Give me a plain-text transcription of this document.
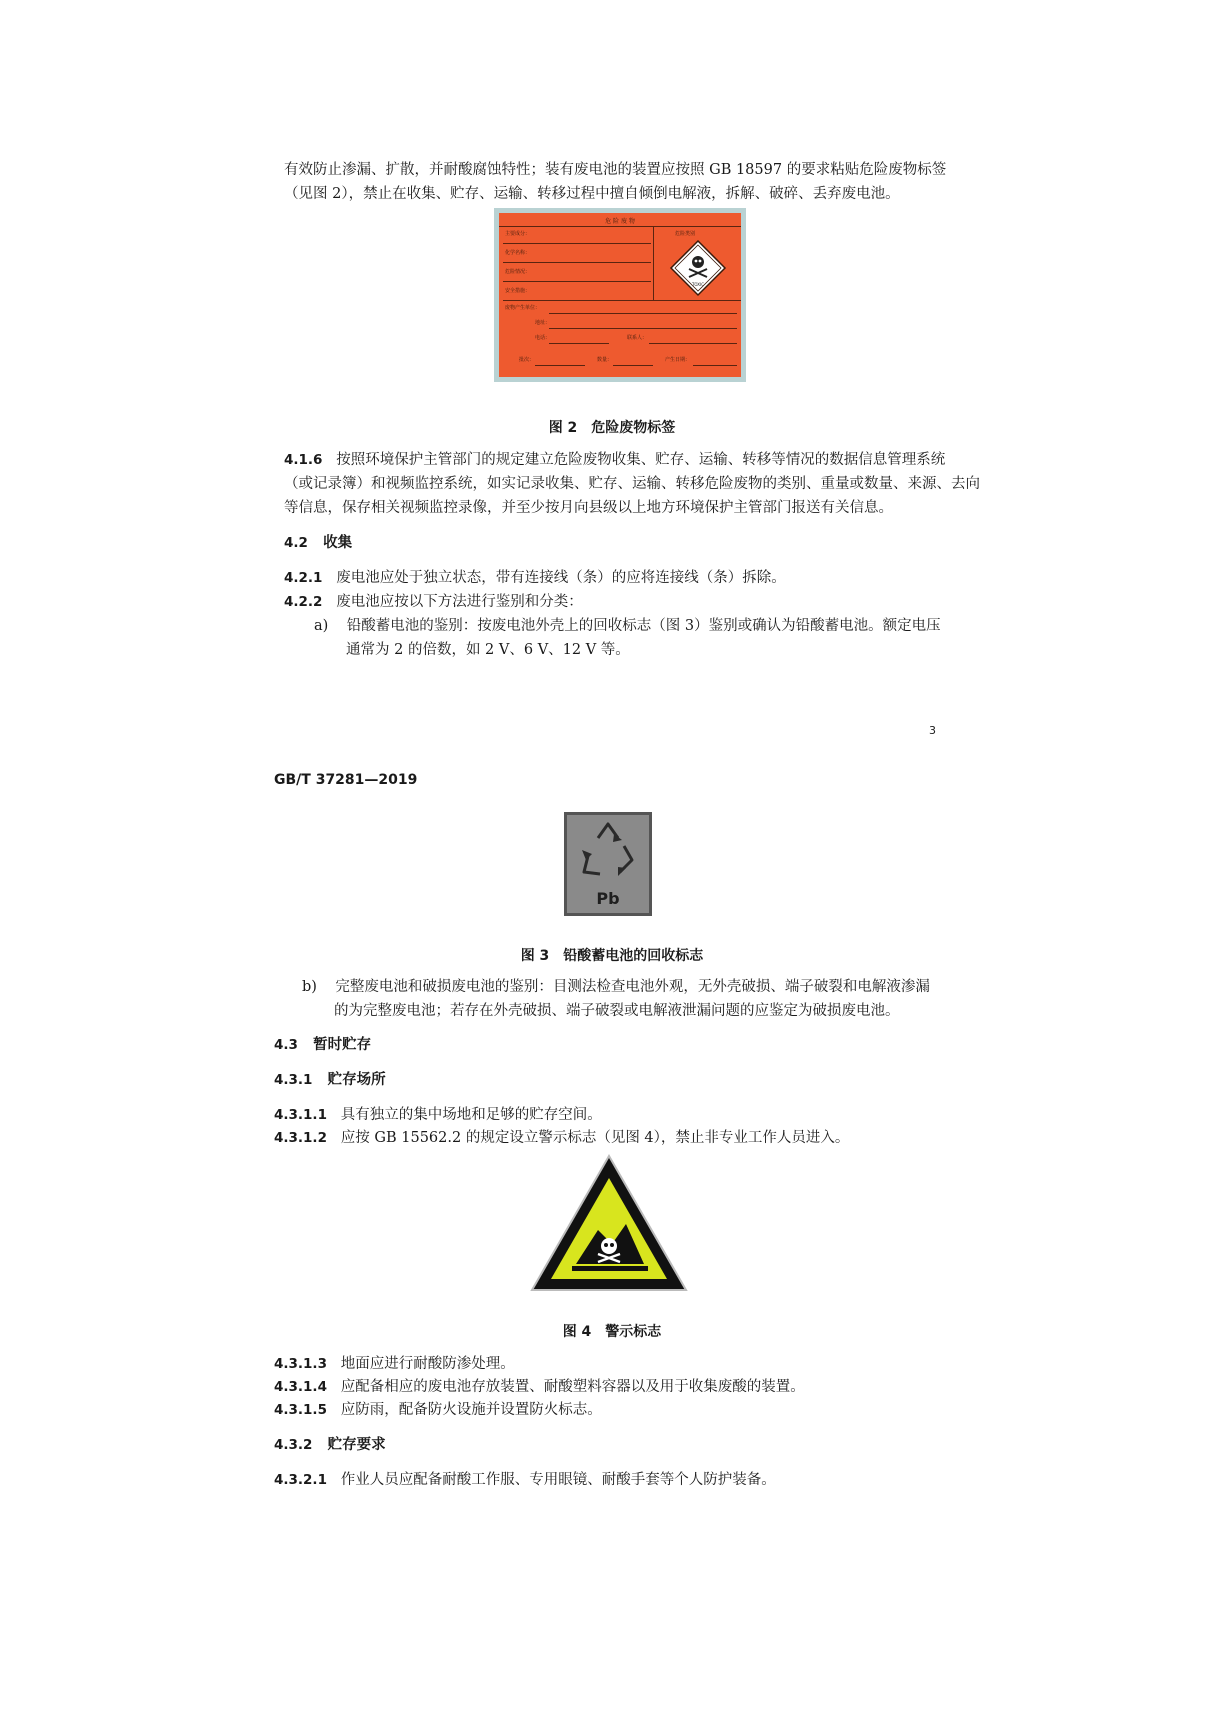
有效防止渗漏、扩散，并耐酸腐蚀特性；装有废电池的装置应按照 GB 18597 的要求粘贴危险废物标签
（见图 2），禁止在收集、贮存、运输、转移过程中擅自倾倒电解液，拆解、破碎、丢弃废电池。
危 险 废 物
主要成分：
化学名称：
危险情况：
安全措施：
危险类别
TOXIC
废物产生单位：
地址：
电话：	联系人：
批次：	数量：	产生日期：
图 2　危险废物标签
4.1.6 按照环境保护主管部门的规定建立危险废物收集、贮存、运输、转移等情况的数据信息管理系统
（或记录簿）和视频监控系统，如实记录收集、贮存、运输、转移危险废物的类别、重量或数量、来源、去向
等信息，保存相关视频监控录像，并至少按月向县级以上地方环境保护主管部门报送有关信息。
4.2 收集
4.2.1 废电池应处于独立状态，带有连接线（条）的应将连接线（条）拆除。
4.2.2 废电池应按以下方法进行鉴别和分类：
a) 铅酸蓄电池的鉴别：按废电池外壳上的回收标志（图 3）鉴别或确认为铅酸蓄电池。额定电压
通常为 2 的倍数，如 2 V、6 V、12 V 等。
3
GB/T 37281—2019
Pb
图 3　铅酸蓄电池的回收标志
b) 完整废电池和破损废电池的鉴别：目测法检查电池外观，无外壳破损、端子破裂和电解液渗漏
的为完整废电池；若存在外壳破损、端子破裂或电解液泄漏问题的应鉴定为破损废电池。
4.3 暂时贮存
4.3.1 贮存场所
4.3.1.1 具有独立的集中场地和足够的贮存空间。
4.3.1.2 应按 GB 15562.2 的规定设立警示标志（见图 4），禁止非专业工作人员进入。
图 4　警示标志
4.3.1.3 地面应进行耐酸防渗处理。
4.3.1.4 应配备相应的废电池存放装置、耐酸塑料容器以及用于收集废酸的装置。
4.3.1.5 应防雨，配备防火设施并设置防火标志。
4.3.2 贮存要求
4.3.2.1 作业人员应配备耐酸工作服、专用眼镜、耐酸手套等个人防护装备。
